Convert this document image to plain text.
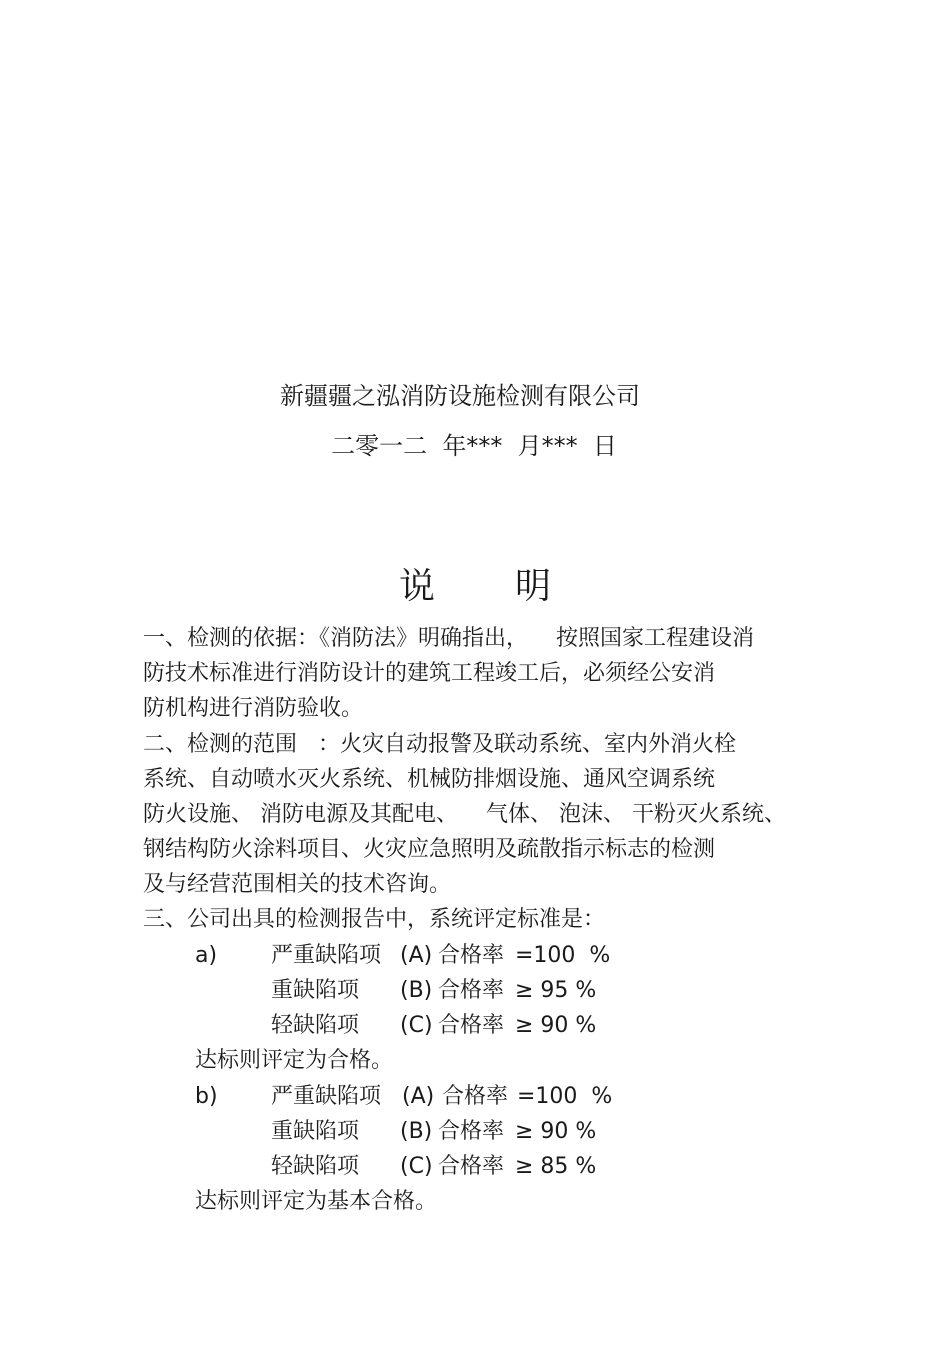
新疆疆之泓消防设施检测有限公司
二零一二  年***  月***  日
说 明
一、检测的依据：《消防法》明确指出，    按照国家工程建设消
防技术标准进行消防设计的建筑工程竣工后，必须经公安消
防机构进行消防验收。
二、检测的范围   ：火灾自动报警及联动系统、室内外消火栓
系统、自动喷水灭火系统、机械防排烟设施、通风空调系统
防火设施、 消防电源及其配电、    气体、 泡沫、 干粉灭火系统、
钢结构防火涂料项目、火灾应急照明及疏散指示标志的检测
及与经营范围相关的技术咨询。
三、公司出具的检测报告中，系统评定标准是：
a) 严重缺陷项 (A) 合格率 =100  %
重缺陷项 (B) 合格率 ≥ 95 %
轻缺陷项 (C) 合格率 ≥ 90 %
达标则评定为合格。
b) 严重缺陷项 (A) 合格率 =100  %
重缺陷项 (B) 合格率 ≥ 90 %
轻缺陷项 (C) 合格率 ≥ 85 %
达标则评定为基本合格。
